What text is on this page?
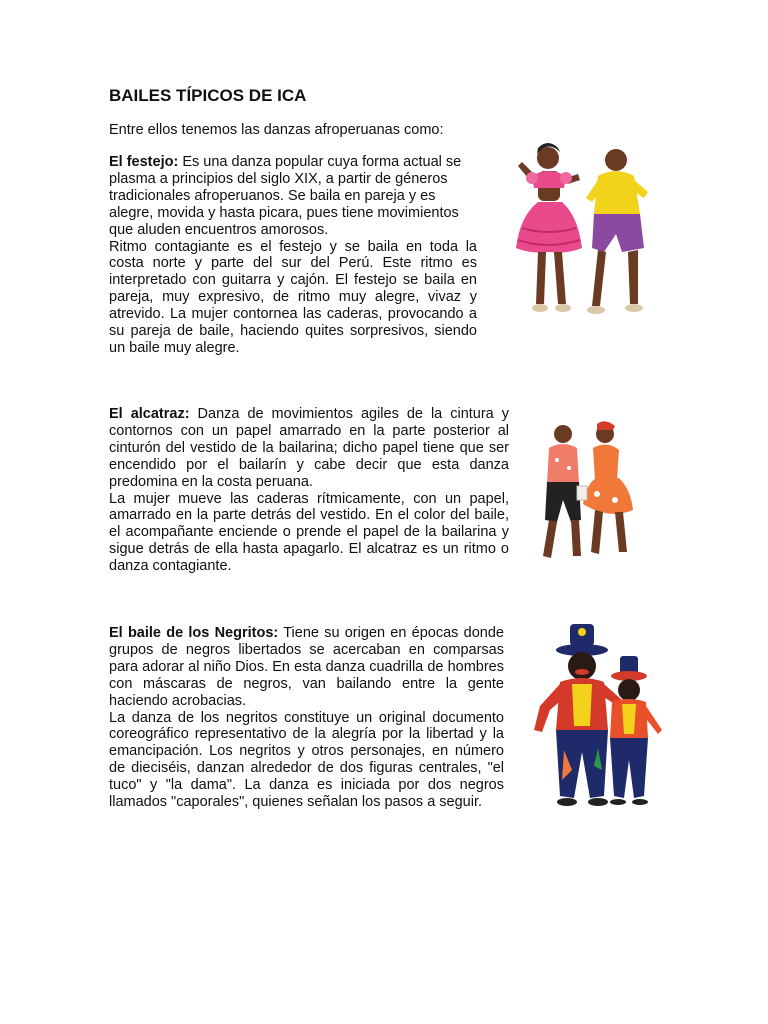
BAILES TÍPICOS DE ICA

Entre ellos tenemos las danzas afroperuanas como:

El festejo: Es una danza popular cuya forma actual se plasma a principios del siglo XIX, a partir de géneros tradicionales afroperuanos. Se baila en pareja y es alegre, movida y hasta picara, pues tiene movimientos que aluden encuentros amorosos.

Ritmo contagiante es el festejo y se baila en toda la costa norte y parte del sur del Perú. Este ritmo es interpretado con guitarra y cajón. El festejo se baila en pareja, muy expresivo, de ritmo muy alegre, vivaz y atrevido. La mujer contornea las caderas, provocando a su pareja de baile, haciendo quites sorpresivos, siendo un baile muy alegre.

El alcatraz: Danza de movimientos agiles de la cintura y contornos con un papel amarrado en la parte posterior al cinturón del vestido de la bailarina; dicho papel tiene que ser encendido por el bailarín y cabe decir que esta danza predomina en la costa peruana.

La mujer mueve las caderas rítmicamente, con un papel, amarrado en la parte detrás del vestido. En el color del baile, el acompañante enciende o prende el papel de la bailarina y sigue detrás de ella hasta apagarlo. El alcatraz es un ritmo o danza contagiante.

El baile de los Negritos: Tiene su origen en épocas donde grupos de negros libertados se acercaban en comparsas para adorar al niño Dios. En esta danza cuadrilla de hombres con máscaras de negros, van bailando entre la gente haciendo acrobacias.

La danza de los negritos constituye un original documento coreográfico representativo de la alegría por la libertad y la emancipación. Los negritos y otros personajes, en número de dieciséis, danzan alrededor de dos figuras centrales, "el tuco" y "la dama". La danza es iniciada por dos negros llamados "caporales", quienes señalan los pasos a seguir.
